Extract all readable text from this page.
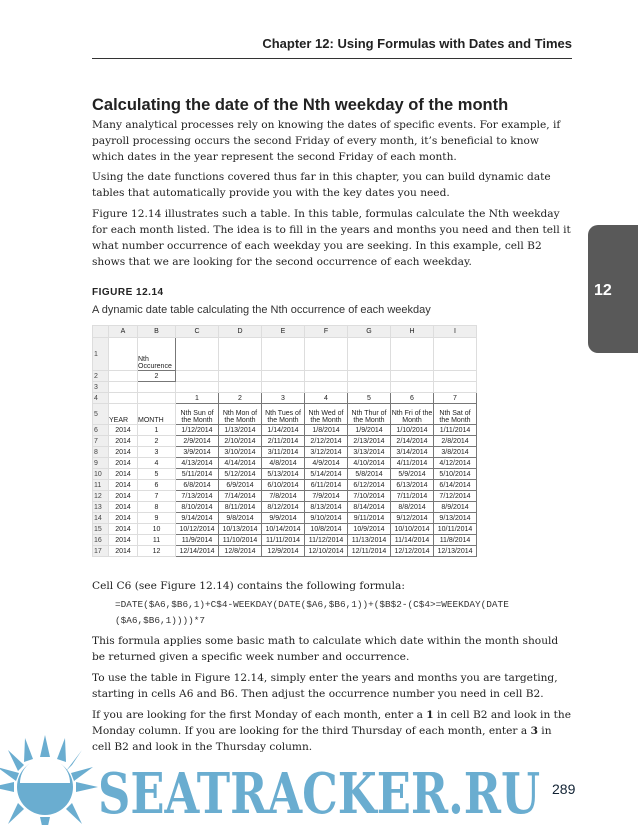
Chapter 12: Using Formulas with Dates and Times
12
Calculating the date of the Nth weekday of the month

Many analytical processes rely on knowing the dates of specific events. For example, if payroll processing occurs the second Friday of every month, it’s beneficial to know which dates in the year represent the second Friday of each month.

Using the date functions covered thus far in this chapter, you can build dynamic date tables that automatically provide you with the key dates you need.

Figure 12.14 illustrates such a table. In this table, formulas calculate the Nth weekday for each month listed. The idea is to fill in the years and months you need and then tell it what number occurrence of each weekday you are seeking. In this example, cell B2 shows that we are looking for the second occurrence of each weekday.

FIGURE 12.14
A dynamic date table calculating the Nth occurrence of each weekday
	A	B	C	D	E	F	G	H	I
1		Nth Occurence							
2		2							
3									
4			1	2	3	4	5	6	7
5	YEAR	MONTH	Nth Sun of the Month	Nth Mon of the Month	Nth Tues of the Month	Nth Wed of the Month	Nth Thur of the Month	Nth Fri of the Month	Nth Sat of the Month
6	2014	1	1/12/2014	1/13/2014	1/14/2014	1/8/2014	1/9/2014	1/10/2014	1/11/2014
7	2014	2	2/9/2014	2/10/2014	2/11/2014	2/12/2014	2/13/2014	2/14/2014	2/8/2014
8	2014	3	3/9/2014	3/10/2014	3/11/2014	3/12/2014	3/13/2014	3/14/2014	3/8/2014
9	2014	4	4/13/2014	4/14/2014	4/8/2014	4/9/2014	4/10/2014	4/11/2014	4/12/2014
10	2014	5	5/11/2014	5/12/2014	5/13/2014	5/14/2014	5/8/2014	5/9/2014	5/10/2014
11	2014	6	6/8/2014	6/9/2014	6/10/2014	6/11/2014	6/12/2014	6/13/2014	6/14/2014
12	2014	7	7/13/2014	7/14/2014	7/8/2014	7/9/2014	7/10/2014	7/11/2014	7/12/2014
13	2014	8	8/10/2014	8/11/2014	8/12/2014	8/13/2014	8/14/2014	8/8/2014	8/9/2014
14	2014	9	9/14/2014	9/8/2014	9/9/2014	9/10/2014	9/11/2014	9/12/2014	9/13/2014
15	2014	10	10/12/2014	10/13/2014	10/14/2014	10/8/2014	10/9/2014	10/10/2014	10/11/2014
16	2014	11	11/9/2014	11/10/2014	11/11/2014	11/12/2014	11/13/2014	11/14/2014	11/8/2014
17	2014	12	12/14/2014	12/8/2014	12/9/2014	12/10/2014	12/11/2014	12/12/2014	12/13/2014

Cell C6 (see Figure 12.14) contains the following formula:

=DATE($A6,$B6,1)+C$4-WEEKDAY(DATE($A6,$B6,1))+($B$2-(C$4>=WEEKDAY(DATE
($A6,$B6,1))))*7

This formula applies some basic math to calculate which date within the month should be returned given a specific week number and occurrence.

To use the table in Figure 12.14, simply enter the years and months you are targeting, starting in cells A6 and B6. Then adjust the occurrence number you need in cell B2.

If you are looking for the first Monday of each month, enter a 1 in cell B2 and look in the Monday column. If you are looking for the third Thursday of each month, enter a 3 in cell B2 and look in the Thursday column.

SEATRACKER.RU 289
